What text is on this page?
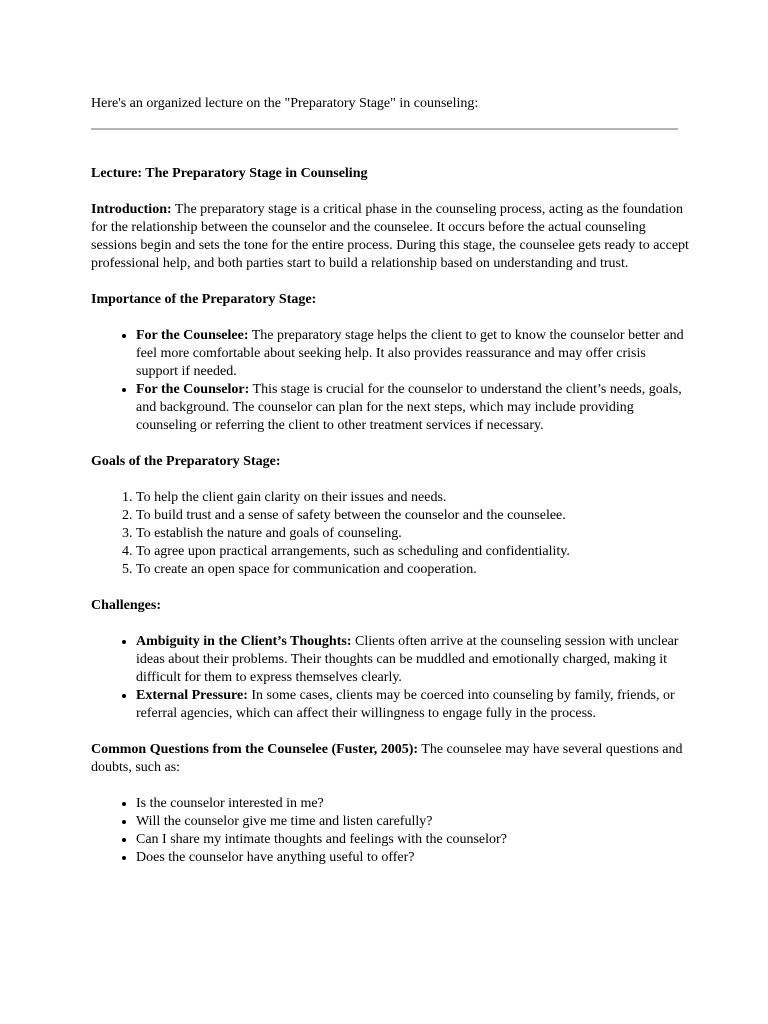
Here's an organized lecture on the "Preparatory Stage" in counseling:

Lecture: The Preparatory Stage in Counseling

Introduction: The preparatory stage is a critical phase in the counseling process, acting as the foundation for the relationship between the counselor and the counselee. It occurs before the actual counseling sessions begin and sets the tone for the entire process. During this stage, the counselee gets ready to accept professional help, and both parties start to build a relationship based on understanding and trust.

Importance of the Preparatory Stage:

• For the Counselee: The preparatory stage helps the client to get to know the counselor better and feel more comfortable about seeking help. It also provides reassurance and may offer crisis support if needed.
• For the Counselor: This stage is crucial for the counselor to understand the client’s needs, goals, and background. The counselor can plan for the next steps, which may include providing counseling or referring the client to other treatment services if necessary.

Goals of the Preparatory Stage:

1. To help the client gain clarity on their issues and needs.
2. To build trust and a sense of safety between the counselor and the counselee.
3. To establish the nature and goals of counseling.
4. To agree upon practical arrangements, such as scheduling and confidentiality.
5. To create an open space for communication and cooperation.

Challenges:

• Ambiguity in the Client’s Thoughts: Clients often arrive at the counseling session with unclear ideas about their problems. Their thoughts can be muddled and emotionally charged, making it difficult for them to express themselves clearly.
• External Pressure: In some cases, clients may be coerced into counseling by family, friends, or referral agencies, which can affect their willingness to engage fully in the process.

Common Questions from the Counselee (Fuster, 2005): The counselee may have several questions and doubts, such as:

• Is the counselor interested in me?
• Will the counselor give me time and listen carefully?
• Can I share my intimate thoughts and feelings with the counselor?
• Does the counselor have anything useful to offer?
